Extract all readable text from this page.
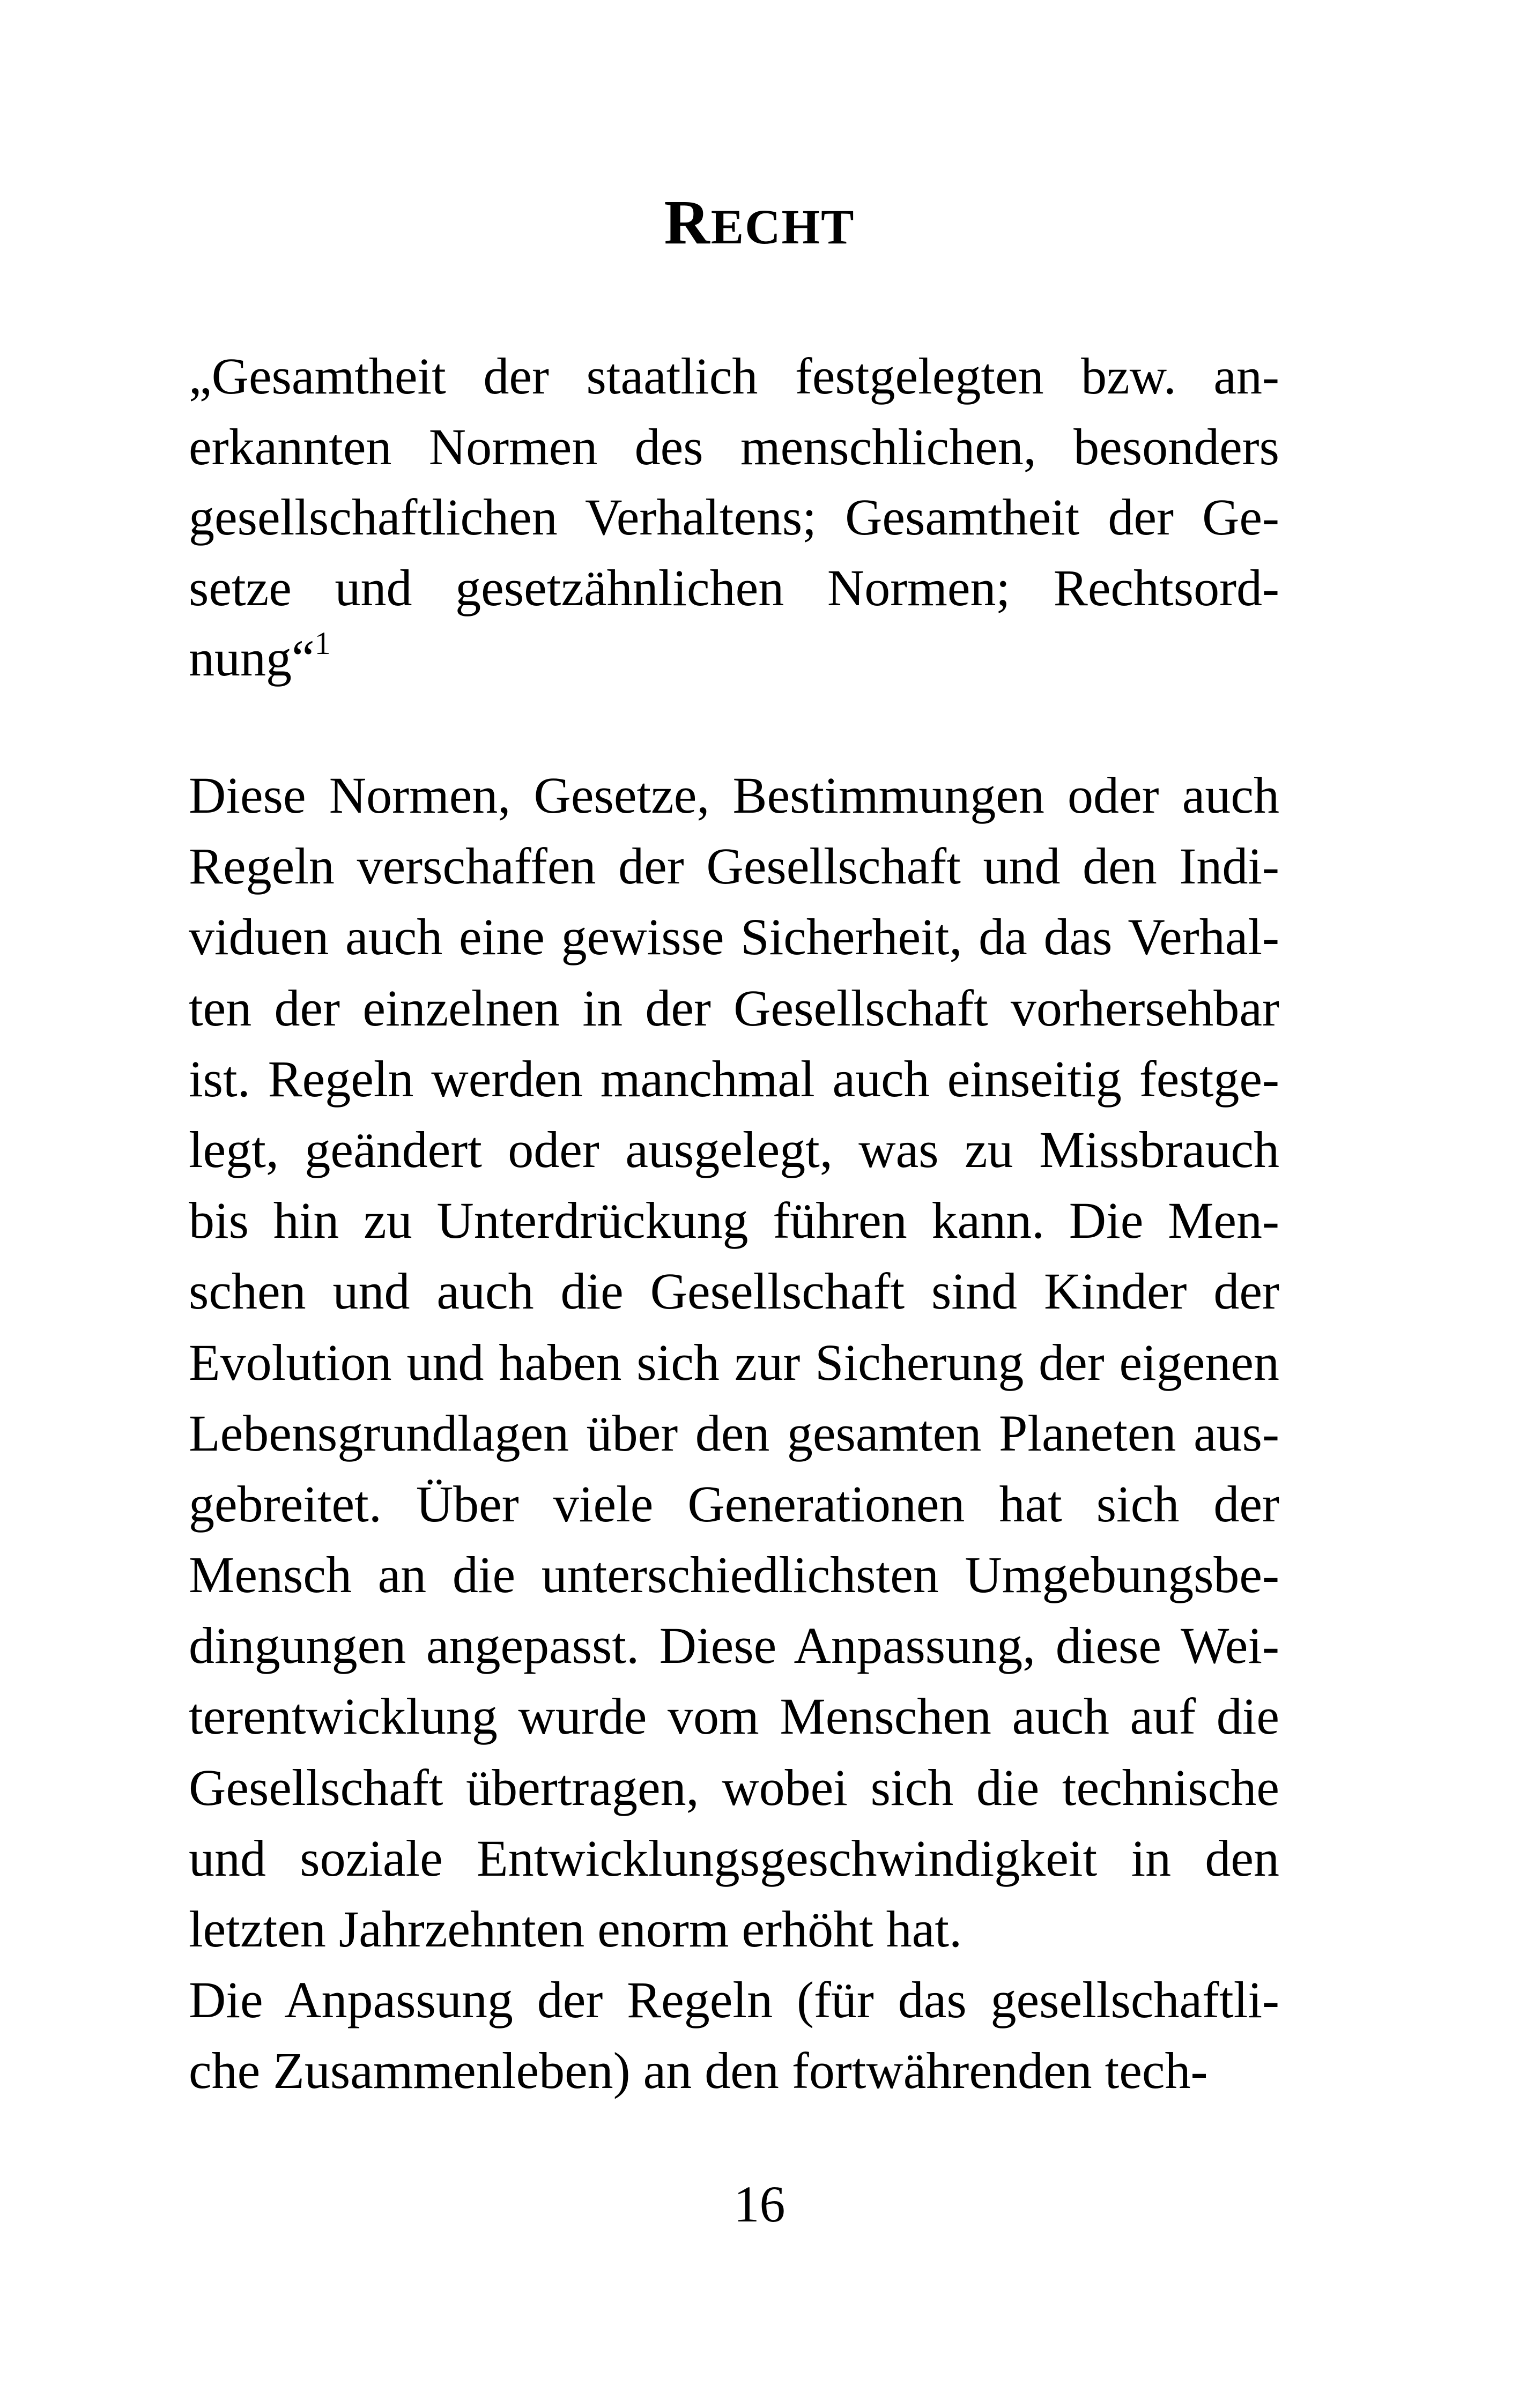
RECHT
„Gesamtheit der staatlich festgelegten bzw. an-
erkannten Normen des menschlichen, besonders
gesellschaftlichen Verhaltens; Gesamtheit der Ge-
setze und gesetzähnlichen Normen; Rechtsord-
nung“$^1$
Diese Normen, Gesetze, Bestimmungen oder auch
Regeln verschaffen der Gesellschaft und den Indi-
viduen auch eine gewisse Sicherheit, da das Verhal-
ten der einzelnen in der Gesellschaft vorhersehbar
ist. Regeln werden manchmal auch einseitig festge-
legt, geändert oder ausgelegt, was zu Missbrauch
bis hin zu Unterdrückung führen kann. Die Men-
schen und auch die Gesellschaft sind Kinder der
Evolution und haben sich zur Sicherung der eigenen
Lebensgrundlagen über den gesamten Planeten aus-
gebreitet. Über viele Generationen hat sich der
Mensch an die unterschiedlichsten Umgebungsbe-
dingungen angepasst. Diese Anpassung, diese Wei-
terentwicklung wurde vom Menschen auch auf die
Gesellschaft übertragen, wobei sich die technische
und soziale Entwicklungsgeschwindigkeit in den
letzten Jahrzehnten enorm erhöht hat.
Die Anpassung der Regeln (für das gesellschaftli-
che Zusammenleben) an den fortwährenden tech-
16
